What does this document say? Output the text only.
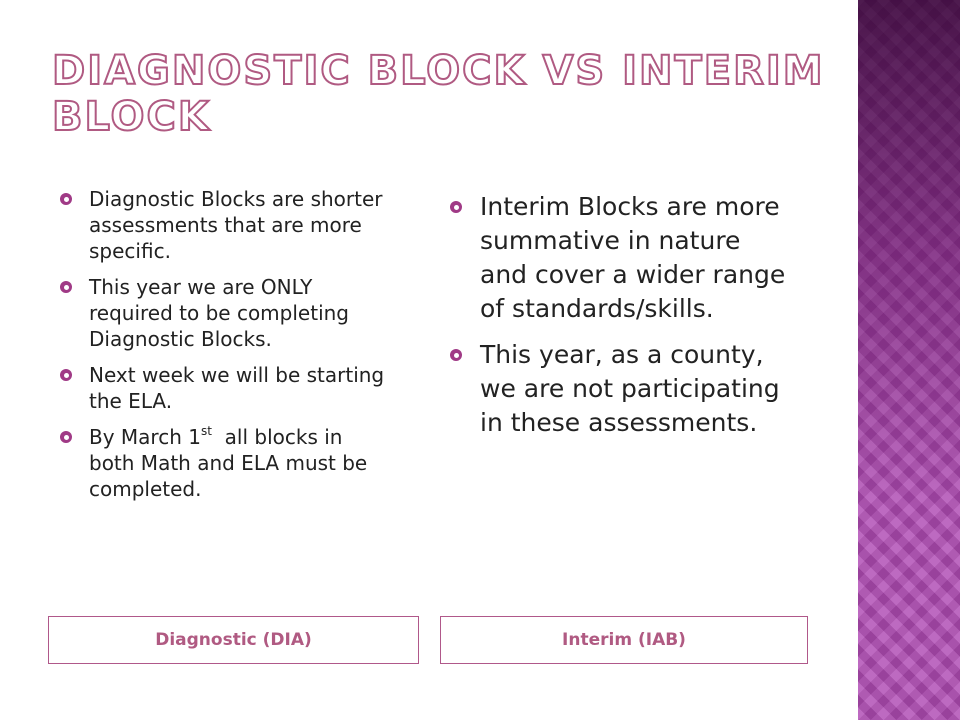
DIAGNOSTIC BLOCK VS INTERIM BLOCK
Diagnostic Blocks are shorter assessments that are more specific.
This year we are ONLY required to be completing Diagnostic Blocks.
Next week we will be starting the ELA.
By March 1st  all blocks in both Math and ELA must be completed.
Interim Blocks are more summative in nature and cover a wider range of standards/skills.
This year, as a county, we are not participating in these assessments.
Diagnostic (DIA)	Interim (IAB)
